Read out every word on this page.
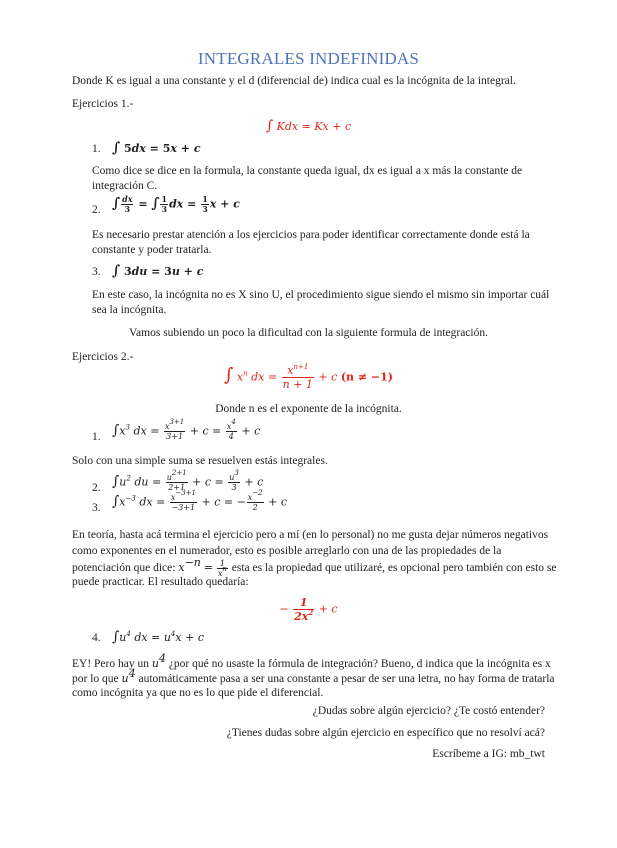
INTEGRALES INDEFINIDAS
Donde K es igual a una constante y el d (diferencial de) indica cual es la incógnita de la integral.
Ejercicios 1.-
∫ Kdx = Kx + c
1. ∫ 5dx = 5x + c
Como dice se dice en la formula, la constante queda igual, dx es igual a x más la constante de
integración C.
2. ∫ $\frac{dx}{3}$ = ∫ $\frac{1}{3}$ dx = $\frac{1}{3}$ x + c
Es necesario prestar atención a los ejercicios para poder identificar correctamente donde está la
constante y poder tratarla.
3. ∫ 3du = 3u + c
En este caso, la incógnita no es X sino U, el procedimiento sigue siendo el mismo sin importar cuál
sea la incógnita.
Vamos subiendo un poco la dificultad con la siguiente formula de integración.
Ejercicios 2.-
∫ $x^n$ dx = $\frac{x^{n+1}}{n + 1} + c$ (n ≠ −1)
Donde n es el exponente de la incógnita.
1. $\int x^3$ dx = $\frac{x^{3+1}}{3+1} + c = \frac{x^4}{4} + c$
Solo con una simple suma se resuelven estás integrales.
2. $\int u^2$ du = $\frac{u^{2+1}}{2+1} + c = \frac{u^3}{3} + c$
3. $\int x^{-3}$ dx = $\frac{x^{-3+1}}{-3+1} + c$ = − $\frac{x^{-2}}{2} + c$
En teoría, hasta acá termina el ejercicio pero a mí (en lo personal) no me gusta dejar números negativos
como exponentes en el numerador, esto es posible arreglarlo con una de las propiedades de la
potenciación que dice: $x^{-n} = \frac{1}{x^n}$ esta es la propiedad que utilizaré, es opcional pero también con esto se
puede practicar. El resultado quedaría:
− $\frac{1}{2x^2} + c$
4. $\int u^4$ dx = $u^4x + c$
EY! Pero hay un $u^4$ ¿por qué no usaste la fórmula de integración? Bueno, d indica que la incógnita es x
por lo que $u^4$ automáticamente pasa a ser una constante a pesar de ser una letra, no hay forma de tratarla
como incógnita ya que no es lo que pide el diferencial.
¿Dudas sobre algún ejercicio? ¿Te costó entender?
¿Tienes dudas sobre algún ejercicio en específico que no resolví acá?
Escríbeme a IG: mb_twt
